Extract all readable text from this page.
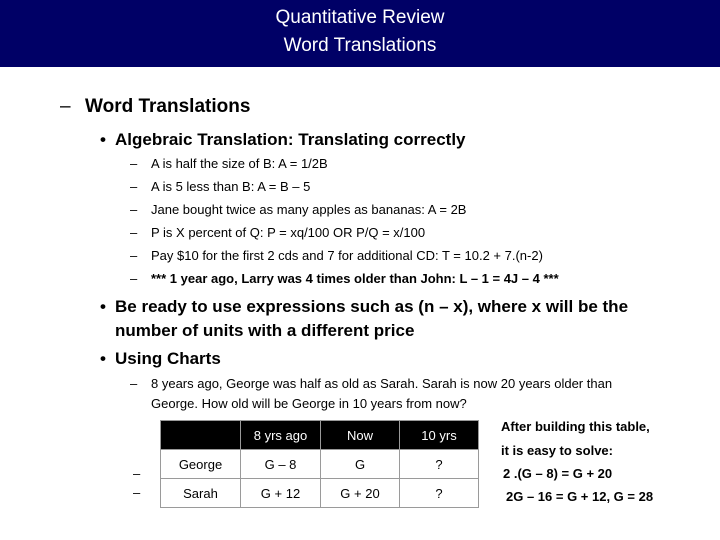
Quantitative Review
Word Translations
– Word Translations
• Algebraic Translation: Translating correctly
– A is half the size of B: A = 1/2B
– A is 5 less than B: A = B – 5
– Jane bought twice as many apples as bananas: A = 2B
– P is X percent of Q: P = xq/100 OR P/Q = x/100
– Pay $10 for the first 2 cds and 7 for additional CD: T = 10.2 + 7.(n-2)
– *** 1 year ago, Larry was 4 times older than John: L – 1 = 4J – 4 ***
• Be ready to use expressions such as (n – x), where x will be the
number of units with a different price
• Using Charts
– 8 years ago, George was half as old as Sarah. Sarah is now 20 years older than
George. How old will be George in 10 years from now?
–
–
	8 yrs ago	Now	10 yrs
George	G – 8	G	?
Sarah	G + 12	G + 20	?
After building this table,
it is easy to solve:
2 .(G – 8) = G + 20
2G – 16 = G + 12, G = 28
